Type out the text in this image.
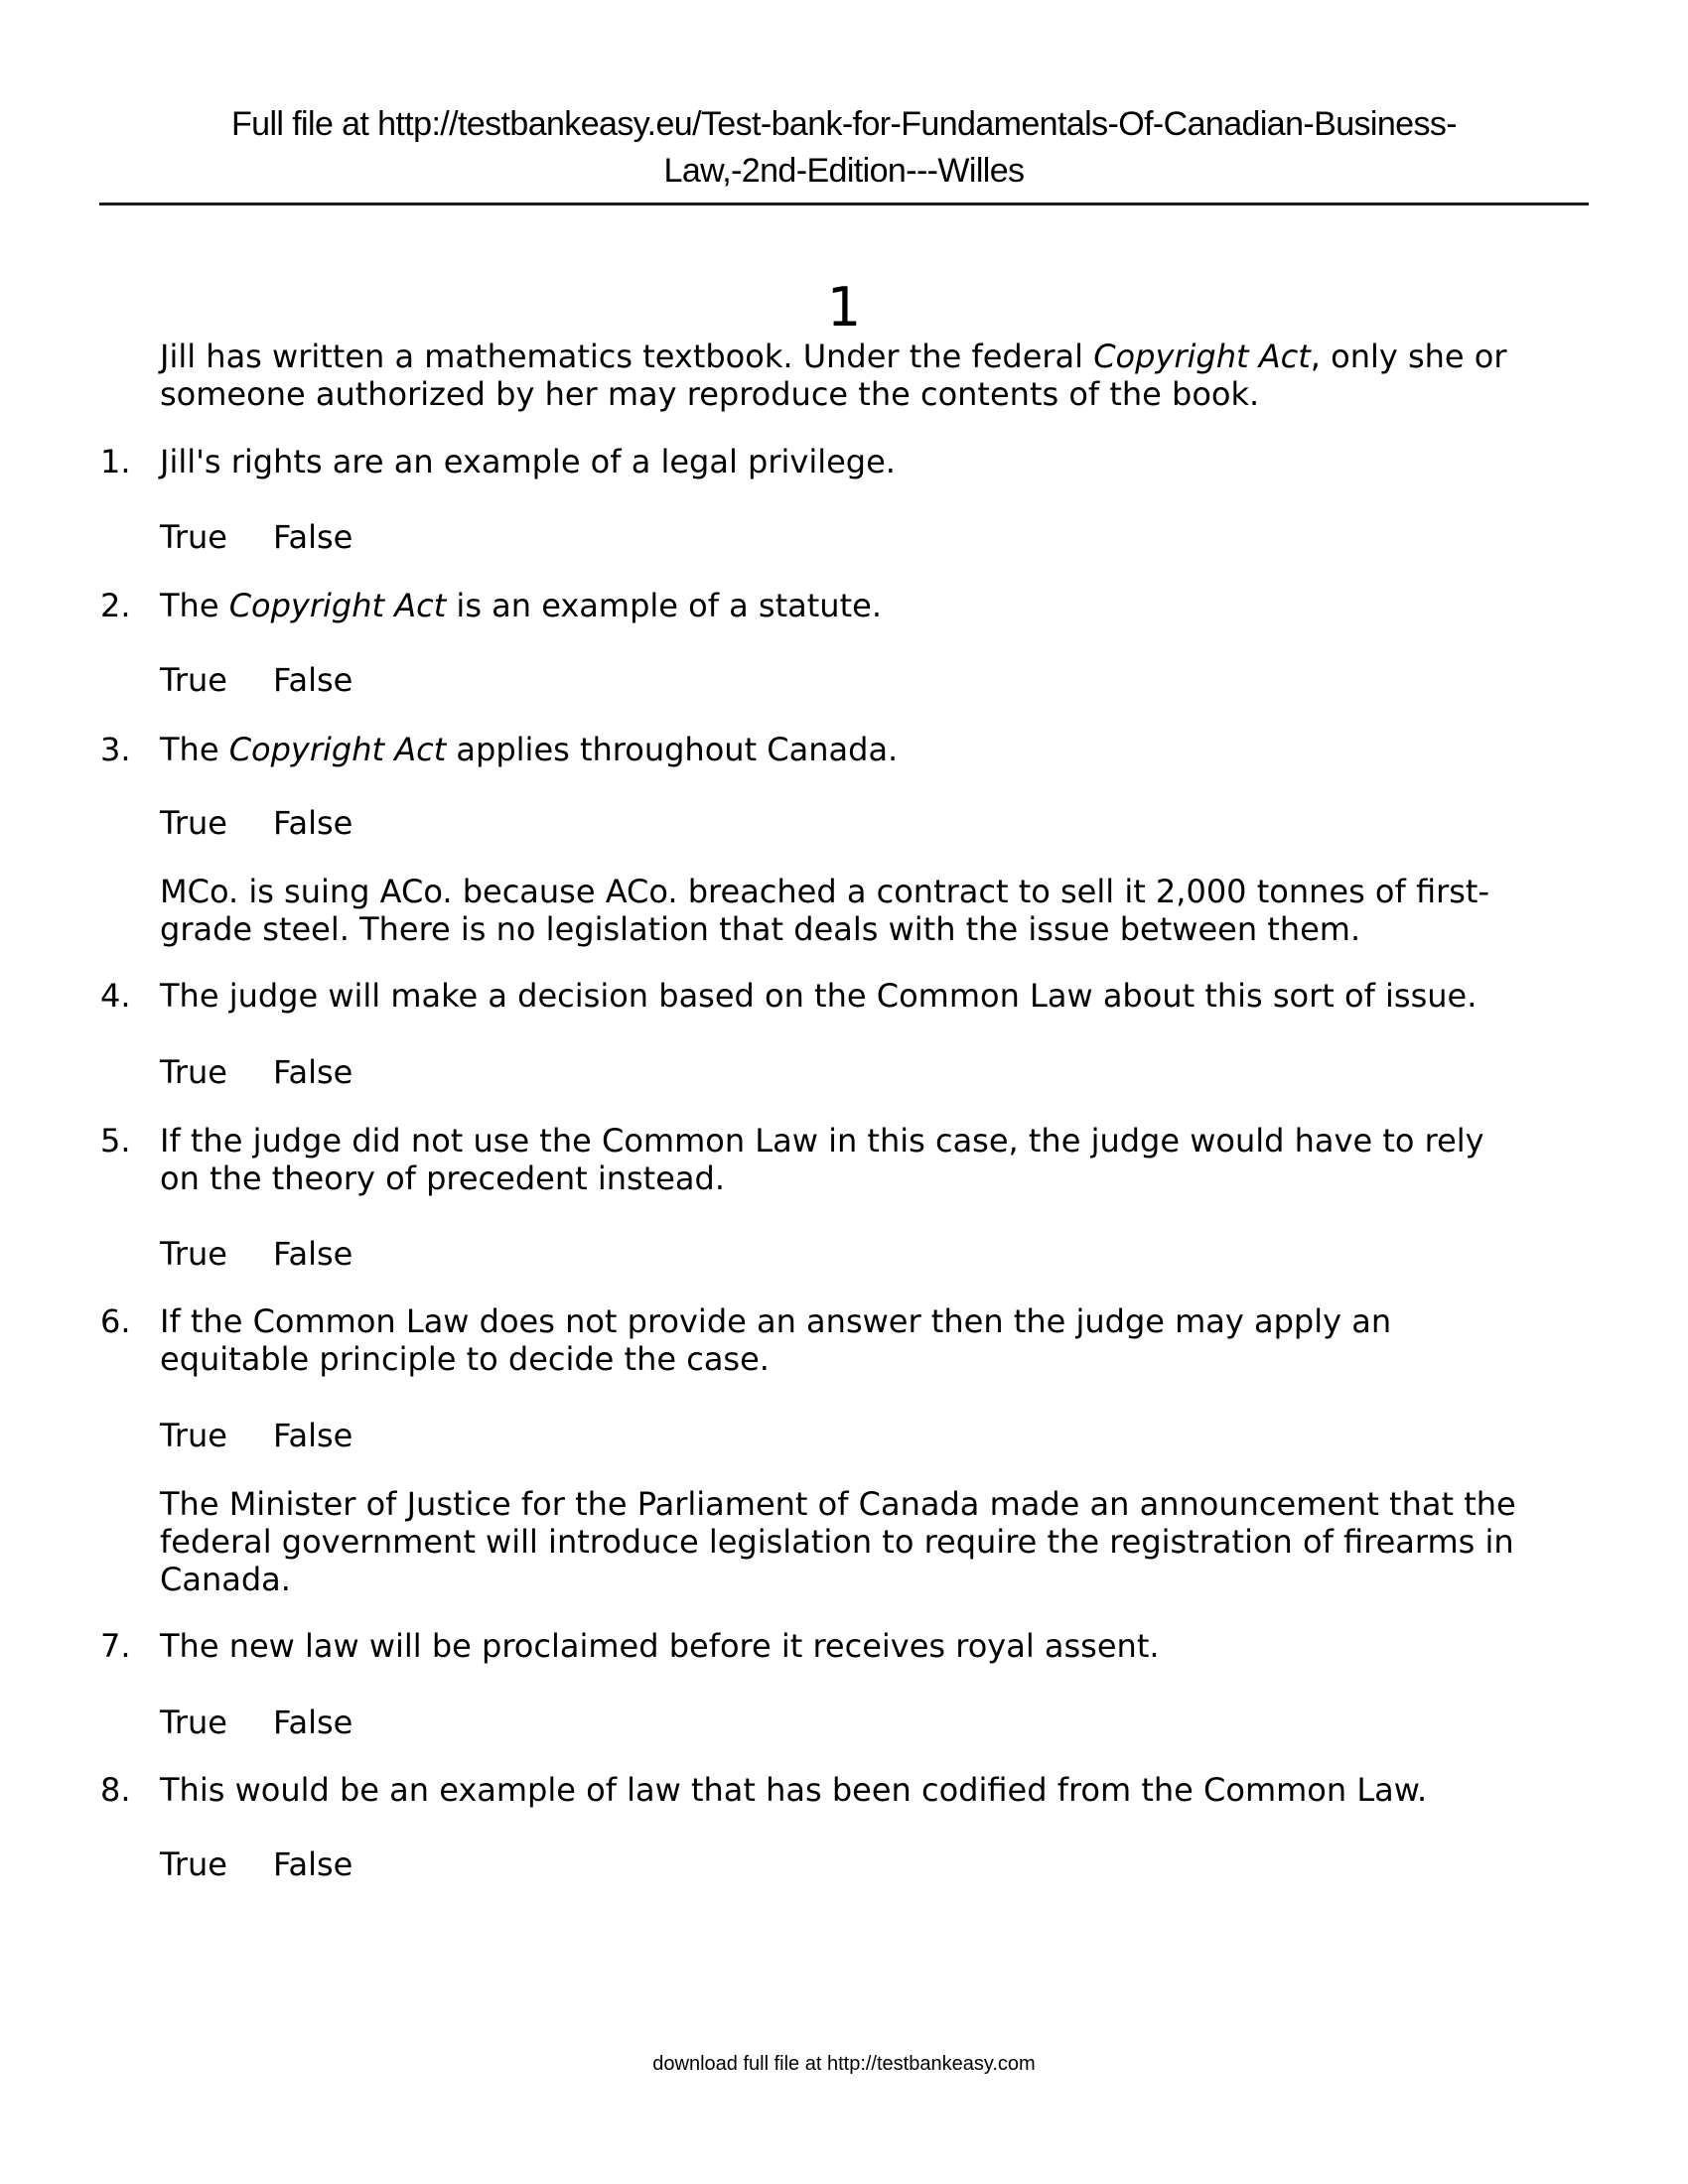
Full file at http://testbankeasy.eu/Test-bank-for-Fundamentals-Of-Canadian-Business-
Law,-2nd-Edition---Willes
1
Jill has written a mathematics textbook. Under the federal Copyright Act, only she or
someone authorized by her may reproduce the contents of the book.
1. Jill's rights are an example of a legal privilege.
True False
2. The Copyright Act is an example of a statute.
True False
3. The Copyright Act applies throughout Canada.
True False
MCo. is suing ACo. because ACo. breached a contract to sell it 2,000 tonnes of first-
grade steel. There is no legislation that deals with the issue between them.
4. The judge will make a decision based on the Common Law about this sort of issue.
True False
5. If the judge did not use the Common Law in this case, the judge would have to rely
on the theory of precedent instead.
True False
6. If the Common Law does not provide an answer then the judge may apply an
equitable principle to decide the case.
True False
The Minister of Justice for the Parliament of Canada made an announcement that the
federal government will introduce legislation to require the registration of firearms in
Canada.
7. The new law will be proclaimed before it receives royal assent.
True False
8. This would be an example of law that has been codified from the Common Law.
True False
download full file at http://testbankeasy.com
